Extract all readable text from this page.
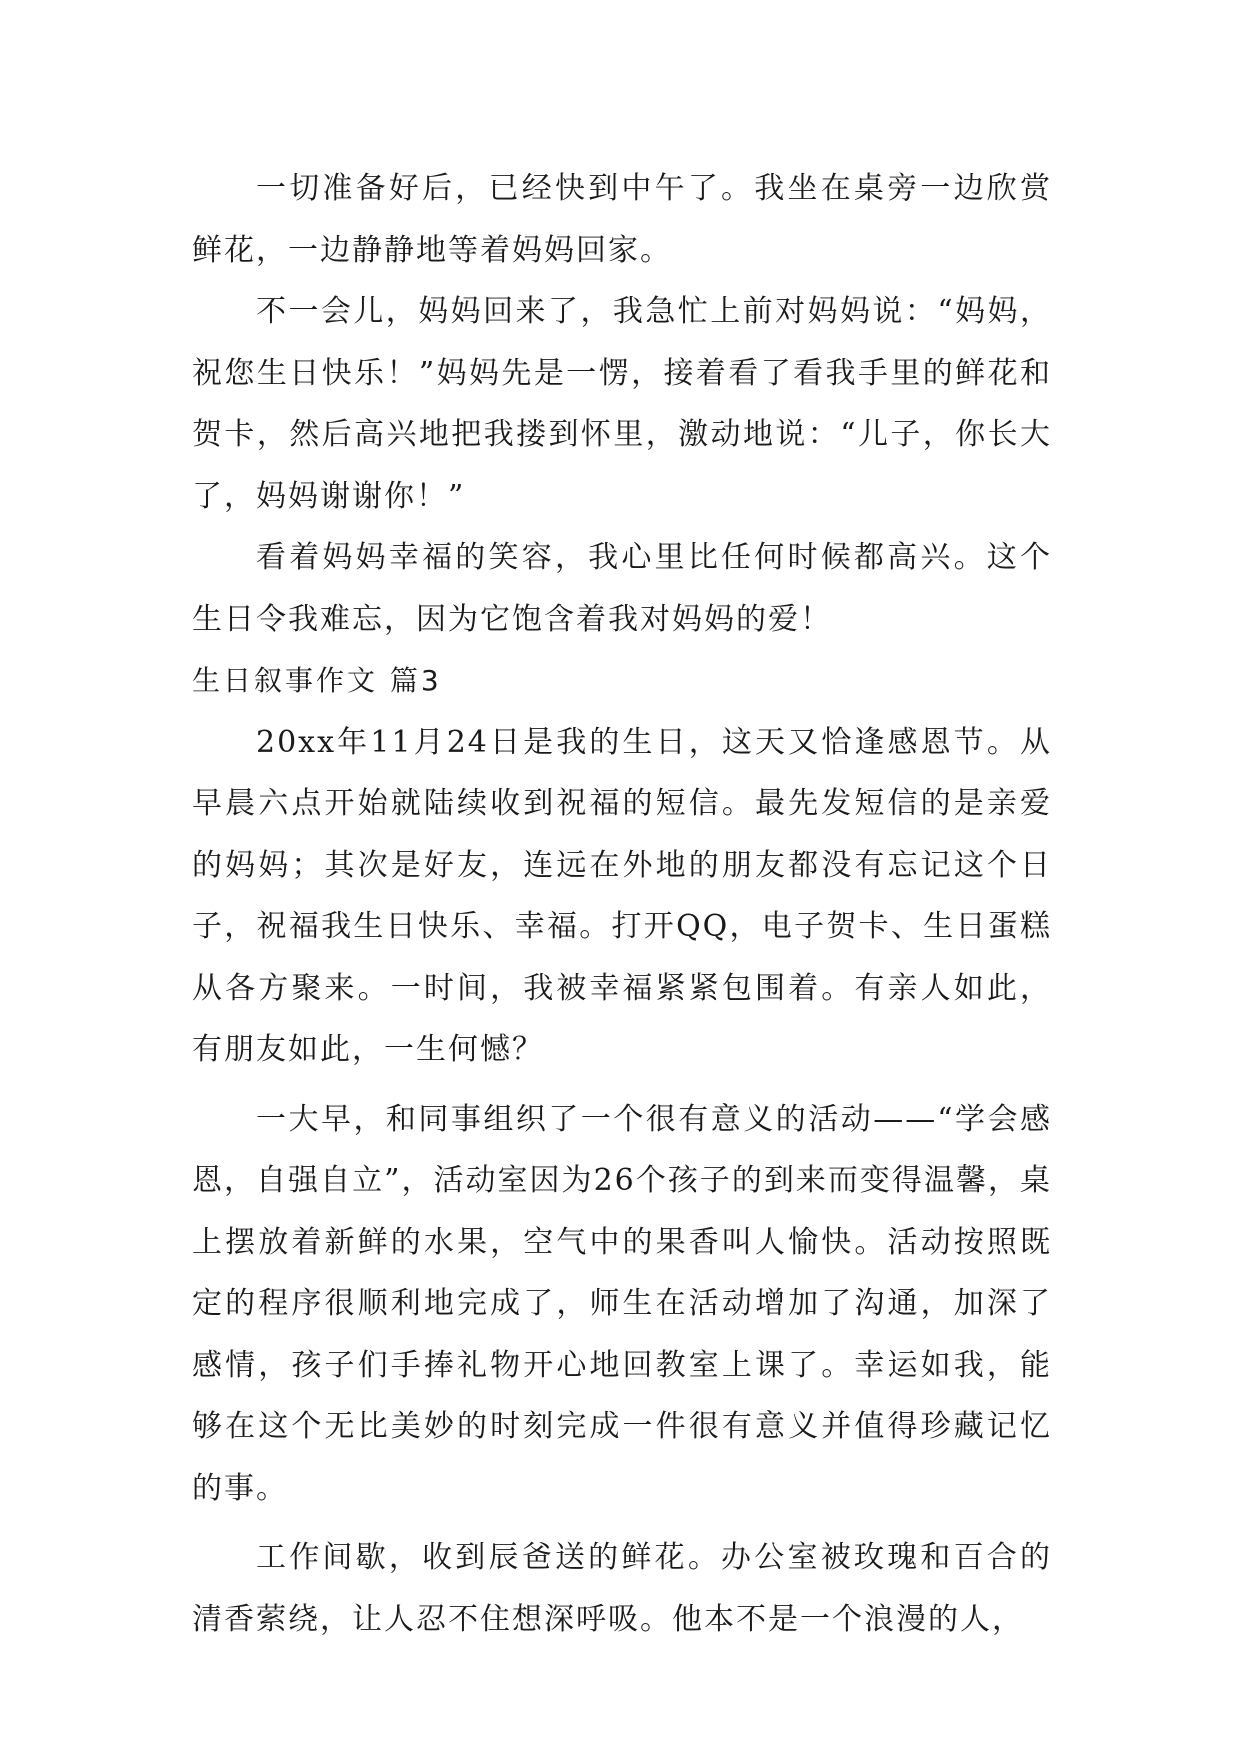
一切准备好后，已经快到中午了。我坐在桌旁一边欣赏鲜花，一边静静地等着妈妈回家。

不一会儿，妈妈回来了，我急忙上前对妈妈说：“妈妈，祝您生日快乐！”妈妈先是一愣，接着看了看我手里的鲜花和贺卡，然后高兴地把我搂到怀里，激动地说：“儿子，你长大了，妈妈谢谢你！”

看着妈妈幸福的笑容，我心里比任何时候都高兴。这个生日令我难忘，因为它饱含着我对妈妈的爱！

生日叙事作文 篇3

20xx年11月24日是我的生日，这天又恰逢感恩节。从早晨六点开始就陆续收到祝福的短信。最先发短信的是亲爱的妈妈；其次是好友，连远在外地的朋友都没有忘记这个日子，祝福我生日快乐、幸福。打开QQ，电子贺卡、生日蛋糕从各方聚来。一时间，我被幸福紧紧包围着。有亲人如此，有朋友如此，一生何憾？

一大早，和同事组织了一个很有意义的活动——“学会感恩，自强自立”，活动室因为26个孩子的到来而变得温馨，桌上摆放着新鲜的水果，空气中的果香叫人愉快。活动按照既定的程序很顺利地完成了，师生在活动增加了沟通，加深了感情，孩子们手捧礼物开心地回教室上课了。幸运如我，能够在这个无比美妙的时刻完成一件很有意义并值得珍藏记忆的事。

工作间歇，收到辰爸送的鲜花。办公室被玫瑰和百合的清香萦绕，让人忍不住想深呼吸。他本不是一个浪漫的人，
